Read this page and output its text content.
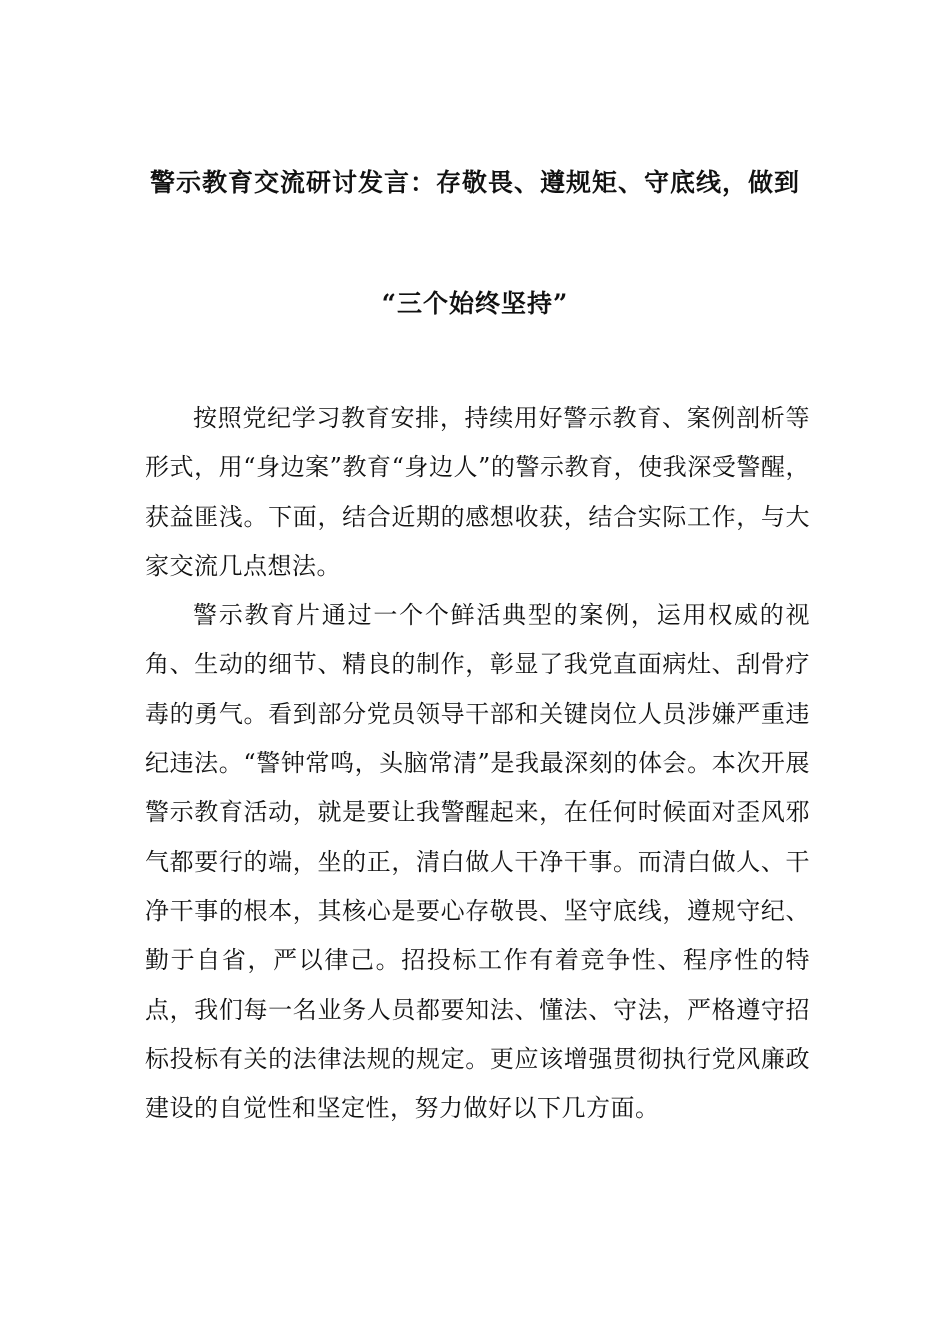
警示教育交流研讨发言：存敬畏、遵规矩、守底线，做到
“三个始终坚持”

按照党纪学习教育安排，持续用好警示教育、案例剖析等形式，用“身边案”教育“身边人”的警示教育，使我深受警醒，获益匪浅。下面，结合近期的感想收获，结合实际工作，与大家交流几点想法。

警示教育片通过一个个鲜活典型的案例，运用权威的视角、生动的细节、精良的制作，彰显了我党直面病灶、刮骨疗毒的勇气。看到部分党员领导干部和关键岗位人员涉嫌严重违纪违法。“警钟常鸣，头脑常清”是我最深刻的体会。本次开展警示教育活动，就是要让我警醒起来，在任何时候面对歪风邪气都要行的端，坐的正，清白做人干净干事。而清白做人、干净干事的根本，其核心是要心存敬畏、坚守底线，遵规守纪、勤于自省，严以律己。招投标工作有着竞争性、程序性的特点，我们每一名业务人员都要知法、懂法、守法，严格遵守招标投标有关的法律法规的规定。更应该增强贯彻执行党风廉政建设的自觉性和坚定性，努力做好以下几方面。
